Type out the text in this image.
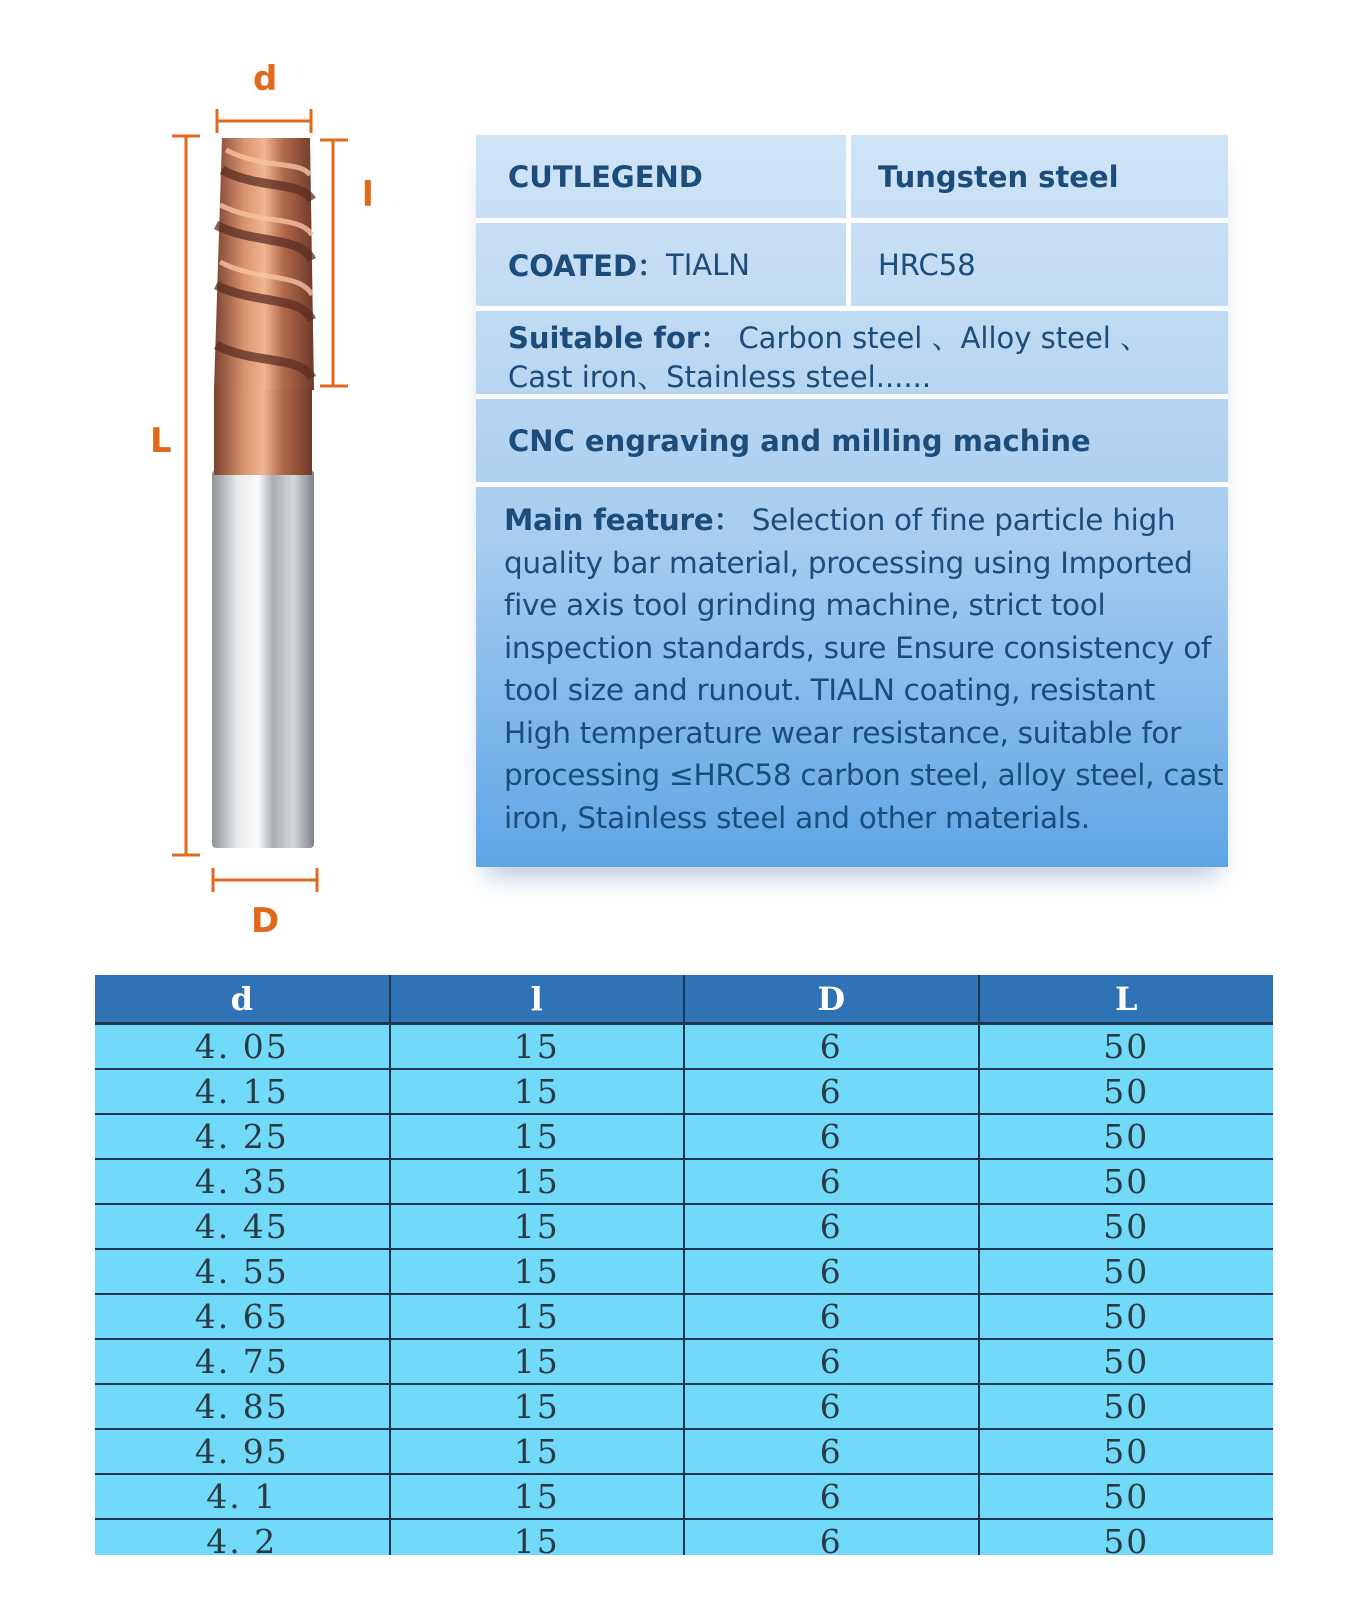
d
l
L
D
CUTLEGEND	Tungsten steel
COATED： TIALN	HRC58
Suitable for： Carbon steel 、Alloy steel 、
Cast iron、Stainless steel......
CNC engraving and milling machine
Main feature： Selection of fine particle high quality bar material, processing using Imported five axis tool grinding machine, strict tool inspection standards, sure Ensure consistency of tool size and runout. TIALN coating, resistant High temperature wear resistance, suitable for processing ≤HRC58 carbon steel, alloy steel, cast iron, Stainless steel and other materials.
d	l	D	L
4. 05	15	6	50
4. 15	15	6	50
4. 25	15	6	50
4. 35	15	6	50
4. 45	15	6	50
4. 55	15	6	50
4. 65	15	6	50
4. 75	15	6	50
4. 85	15	6	50
4. 95	15	6	50
4. 1	15	6	50
4. 2	15	6	50
